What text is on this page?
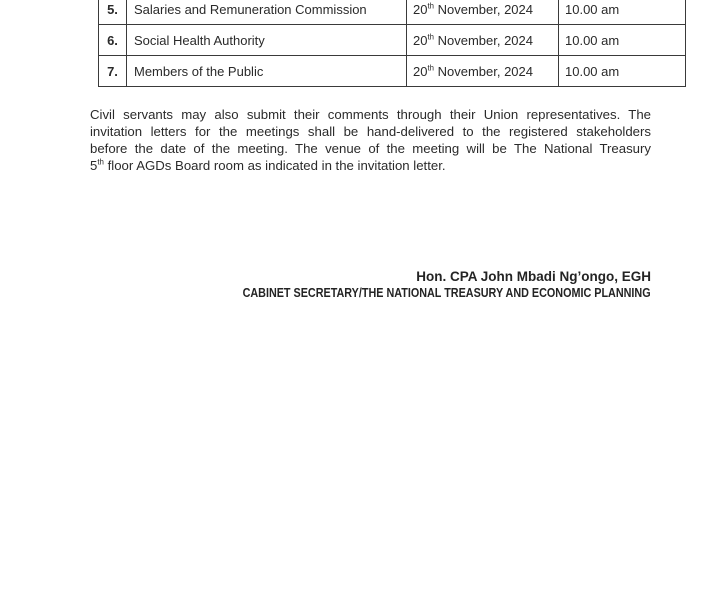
5.	Salaries and Remuneration Commission	20th November, 2024	10.00 am
6.	Social Health Authority	20th November, 2024	10.00 am
7.	Members of the Public	20th November, 2024	10.00 am
Civil servants may also submit their comments through their Union representatives. The
invitation letters for the meetings shall be hand-delivered to the registered stakeholders
before the date of the meeting. The venue of the meeting will be The National Treasury
5th floor AGDs Board room as indicated in the invitation letter.
Hon. CPA John Mbadi Ng’ongo, EGH
CABINET SECRETARY/THE NATIONAL TREASURY AND ECONOMIC PLANNING
